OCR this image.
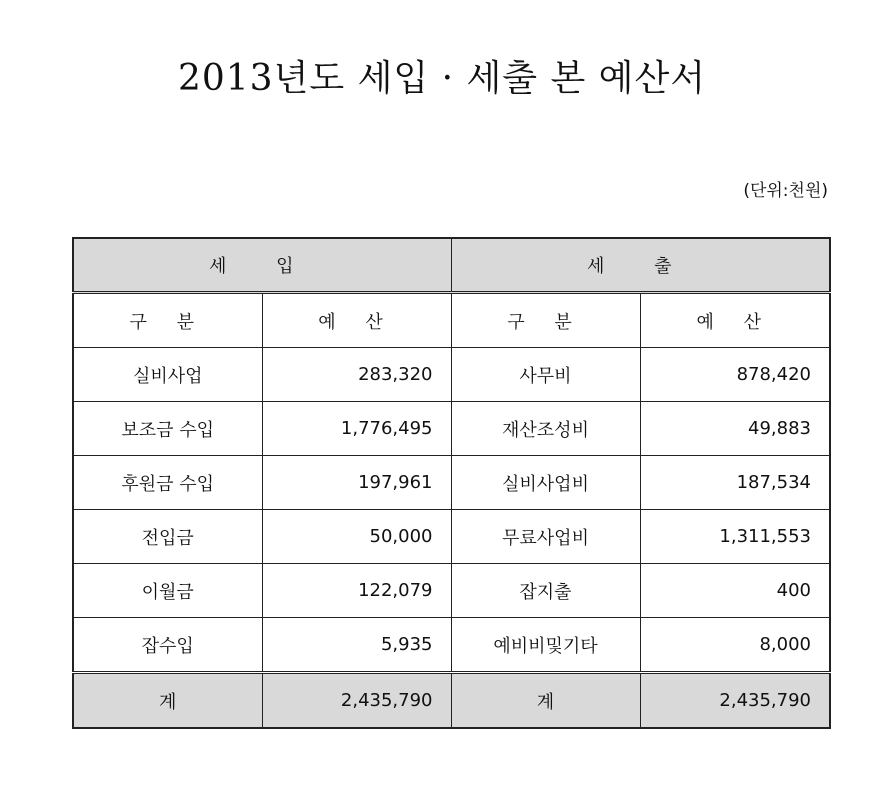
2013년도 세입 · 세출 본 예산서
(단위:천원)
세 입		세 출	
구 분	예 산	구 분	예 산
실비사업	283,320	사무비	878,420
보조금 수입	1,776,495	재산조성비	49,883
후원금 수입	197,961	실비사업비	187,534
전입금	50,000	무료사업비	1,311,553
이월금	122,079	잡지출	400
잡수입	5,935	예비비및기타	8,000
계	2,435,790	계	2,435,790
